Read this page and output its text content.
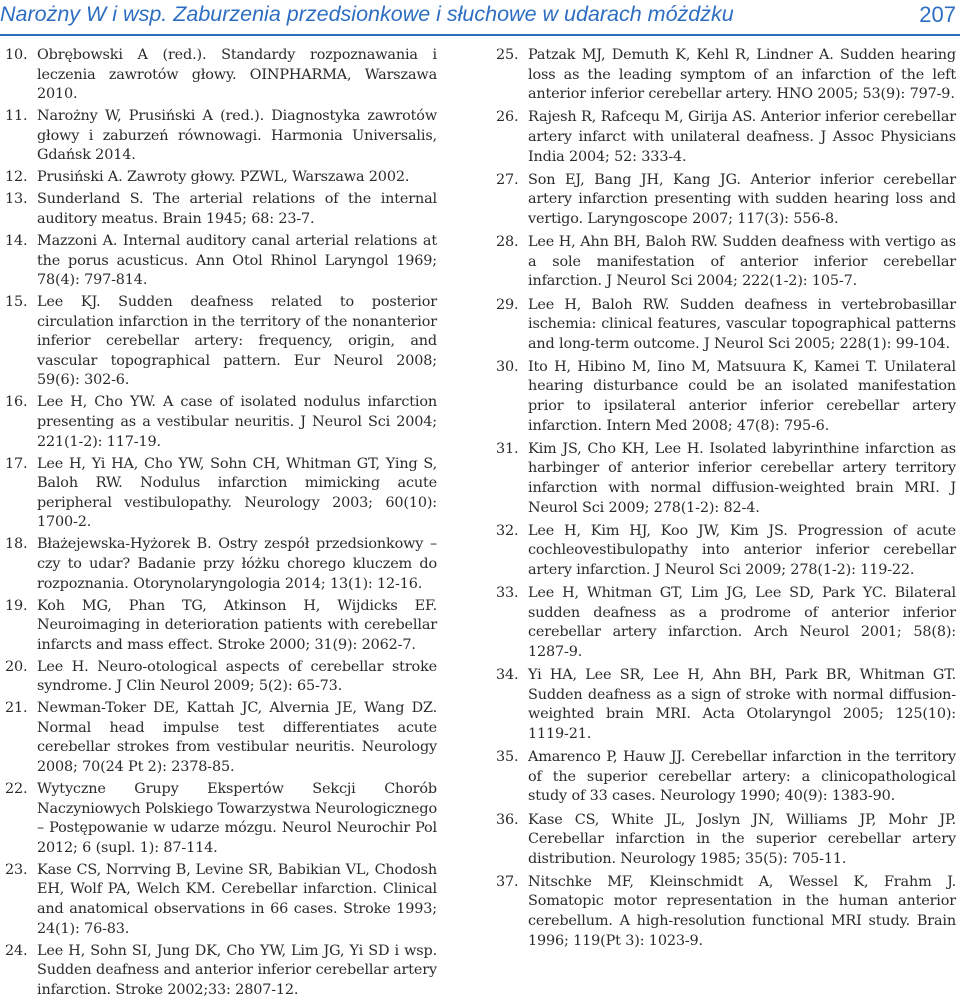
Narożny W i wsp. Zaburzenia przedsionkowe i słuchowe w udarach móżdżku	207
10. Obrębowski A (red.). Standardy rozpoznawania i leczenia zawrotów głowy. OINPHARMA, Warszawa 2010.
11. Narożny W, Prusiński A (red.). Diagnostyka zawrotów głowy i zaburzeń równowagi. Harmonia Universalis, Gdańsk 2014.
12. Prusiński A. Zawroty głowy. PZWL, Warszawa 2002.
13. Sunderland S. The arterial relations of the internal auditory meatus. Brain 1945; 68: 23-7.
14. Mazzoni A. Internal auditory canal arterial relations at the porus acusticus. Ann Otol Rhinol Laryngol 1969; 78(4): 797-814.
15. Lee KJ. Sudden deafness related to posterior circulation infarction in the territory of the nonanterior inferior cerebellar artery: frequency, origin, and vascular topographical pattern. Eur Neurol 2008; 59(6): 302-6.
16. Lee H, Cho YW. A case of isolated nodulus infarction presenting as a vestibular neuritis. J Neurol Sci 2004; 221(1-2): 117-19.
17. Lee H, Yi HA, Cho YW, Sohn CH, Whitman GT, Ying S, Baloh RW. Nodulus infarction mimicking acute peripheral vestibulopathy. Neurology 2003; 60(10): 1700-2.
18. Błażejewska-Hyżorek B. Ostry zespół przedsionkowy – czy to udar? Badanie przy łóżku chorego kluczem do rozpoznania. Otorynolaryngologia 2014; 13(1): 12-16.
19. Koh MG, Phan TG, Atkinson H, Wijdicks EF. Neuroimaging in deterioration patients with cerebellar infarcts and mass effect. Stroke 2000; 31(9): 2062-7.
20. Lee H. Neuro-otological aspects of cerebellar stroke syndrome. J Clin Neurol 2009; 5(2): 65-73.
21. Newman-Toker DE, Kattah JC, Alvernia JE, Wang DZ. Normal head impulse test differentiates acute cerebellar strokes from vestibular neuritis. Neurology 2008; 70(24 Pt 2): 2378-85.
22. Wytyczne Grupy Ekspertów Sekcji Chorób Naczyniowych Polskiego Towarzystwa Neurologicznego – Postępowanie w udarze mózgu. Neurol Neurochir Pol 2012; 6 (supl. 1): 87-114.
23. Kase CS, Norrving B, Levine SR, Babikian VL, Chodosh EH, Wolf PA, Welch KM. Cerebellar infarction. Clinical and anatomical observations in 66 cases. Stroke 1993; 24(1): 76-83.
24. Lee H, Sohn SI, Jung DK, Cho YW, Lim JG, Yi SD i wsp. Sudden deafness and anterior inferior cerebellar artery infarction. Stroke 2002;33: 2807-12.
25. Patzak MJ, Demuth K, Kehl R, Lindner A. Sudden hearing loss as the leading symptom of an infarction of the left anterior inferior cerebellar artery. HNO 2005; 53(9): 797-9.
26. Rajesh R, Rafcequ M, Girija AS. Anterior inferior cerebellar artery infarct with unilateral deafness. J Assoc Physicians India 2004; 52: 333-4.
27. Son EJ, Bang JH, Kang JG. Anterior inferior cerebellar artery infarction presenting with sudden hearing loss and vertigo. Laryngoscope 2007; 117(3): 556-8.
28. Lee H, Ahn BH, Baloh RW. Sudden deafness with vertigo as a sole manifestation of anterior inferior cerebellar infarction. J Neurol Sci 2004; 222(1-2): 105-7.
29. Lee H, Baloh RW. Sudden deafness in vertebrobasillar ischemia: clinical features, vascular topographical patterns and long-term outcome. J Neurol Sci 2005; 228(1): 99-104.
30. Ito H, Hibino M, Iino M, Matsuura K, Kamei T. Unilateral hearing disturbance could be an isolated manifestation prior to ipsilateral anterior inferior cerebellar artery infarction. Intern Med 2008; 47(8): 795-6.
31. Kim JS, Cho KH, Lee H. Isolated labyrinthine infarction as harbinger of anterior inferior cerebellar artery territory infarction with normal diffusion-weighted brain MRI. J Neurol Sci 2009; 278(1-2): 82-4.
32. Lee H, Kim HJ, Koo JW, Kim JS. Progression of acute cochleovestibulopathy into anterior inferior cerebellar artery infarction. J Neurol Sci 2009; 278(1-2): 119-22.
33. Lee H, Whitman GT, Lim JG, Lee SD, Park YC. Bilateral sudden deafness as a prodrome of anterior inferior cerebellar artery infarction. Arch Neurol 2001; 58(8): 1287-9.
34. Yi HA, Lee SR, Lee H, Ahn BH, Park BR, Whitman GT. Sudden deafness as a sign of stroke with normal diffusion-weighted brain MRI. Acta Otolaryngol 2005; 125(10): 1119-21.
35. Amarenco P, Hauw JJ. Cerebellar infarction in the territory of the superior cerebellar artery: a clinicopathological study of 33 cases. Neurology 1990; 40(9): 1383-90.
36. Kase CS, White JL, Joslyn JN, Williams JP, Mohr JP. Cerebellar infarction in the superior cerebellar artery distribution. Neurology 1985; 35(5): 705-11.
37. Nitschke MF, Kleinschmidt A, Wessel K, Frahm J. Somatopic motor representation in the human anterior cerebellum. A high-resolution functional MRI study. Brain 1996; 119(Pt 3): 1023-9.
